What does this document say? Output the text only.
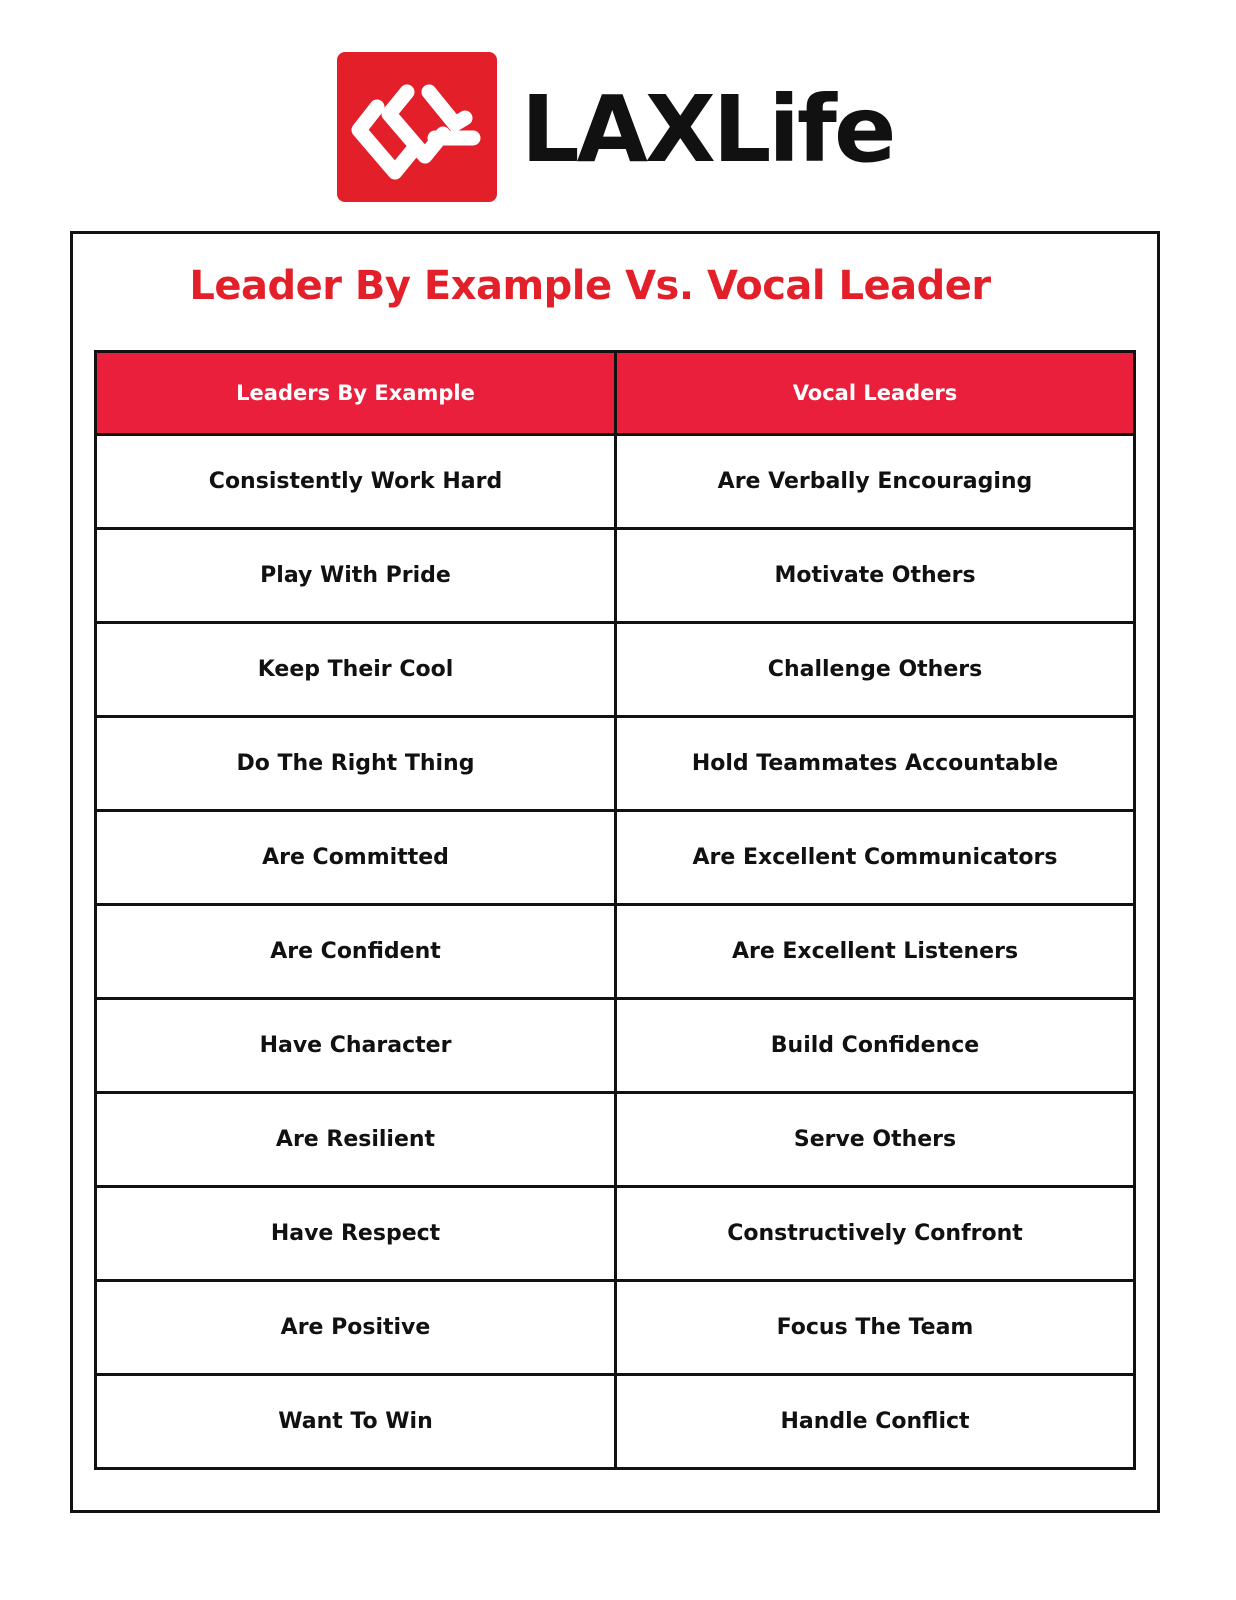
LAXLife
Leader By Example Vs. Vocal Leader
Leaders By Example	Vocal Leaders
Consistently Work Hard	Are Verbally Encouraging
Play With Pride	Motivate Others
Keep Their Cool	Challenge Others
Do The Right Thing	Hold Teammates Accountable
Are Committed	Are Excellent Communicators
Are Confident	Are Excellent Listeners
Have Character	Build Confidence
Are Resilient	Serve Others
Have Respect	Constructively Confront
Are Positive	Focus The Team
Want To Win	Handle Conflict
